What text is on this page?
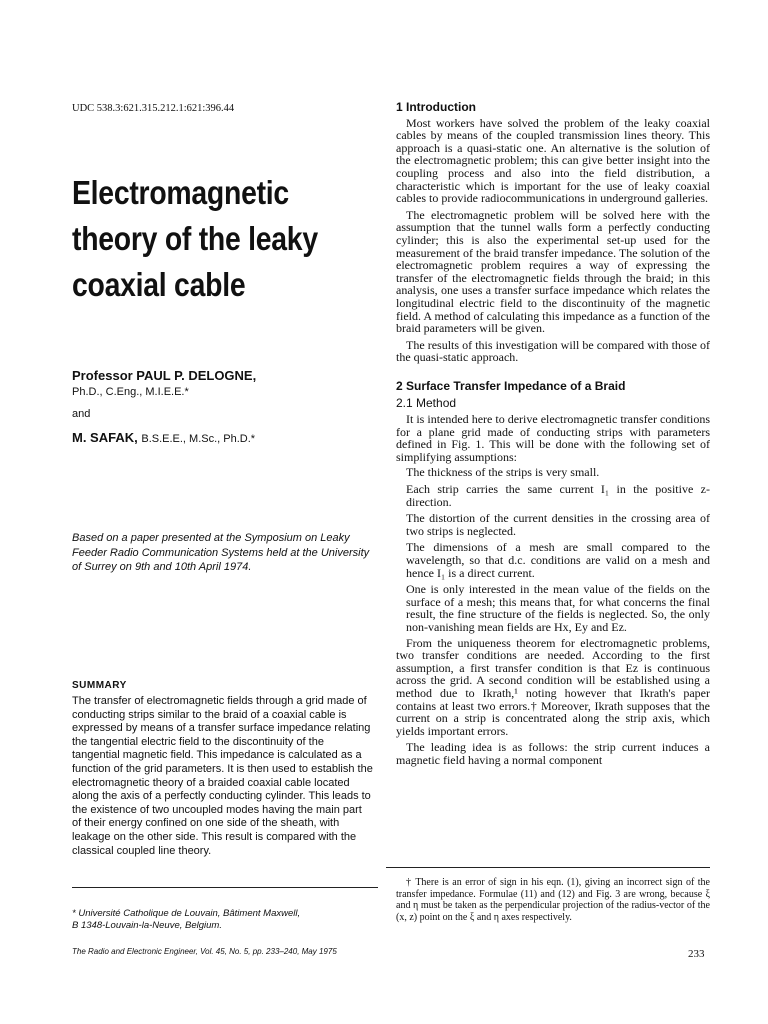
UDC 538.3:621.315.212.1:621:396.44
Electromagnetic
theory of the leaky
coaxial cable
Professor PAUL P. DELOGNE,
Ph.D., C.Eng., M.I.E.E.*
and
M. SAFAK, B.S.E.E., M.Sc., Ph.D.*
Based on a paper presented at the Symposium on Leaky Feeder Radio Communication Systems held at the University of Surrey on 9th and 10th April 1974.
SUMMARY
The transfer of electromagnetic fields through a grid made of conducting strips similar to the braid of a coaxial cable is expressed by means of a transfer surface impedance relating the tangential electric field to the discontinuity of the tangential magnetic field. This impedance is calculated as a function of the grid parameters. It is then used to establish the electromagnetic theory of a braided coaxial cable located along the axis of a perfectly conducting cylinder. This leads to the existence of two uncoupled modes having the main part of their energy confined on one side of the sheath, with leakage on the other side. This result is compared with the classical coupled line theory.
* Université Catholique de Louvain, Bâtiment Maxwell,
B 1348-Louvain-la-Neuve, Belgium.
The Radio and Electronic Engineer, Vol. 45, No. 5, pp. 233–240, May 1975
1 Introduction

Most workers have solved the problem of the leaky coaxial cables by means of the coupled transmission lines theory. This approach is a quasi-static one. An alternative is the solution of the electromagnetic problem; this can give better insight into the coupling process and also into the field distribution, a characteristic which is important for the use of leaky coaxial cables to provide radiocommunications in underground galleries.

The electromagnetic problem will be solved here with the assumption that the tunnel walls form a perfectly conducting cylinder; this is also the experimental set-up used for the measurement of the braid transfer impedance. The solution of the electromagnetic problem requires a way of expressing the transfer of the electromagnetic fields through the braid; in this analysis, one uses a transfer surface impedance which relates the longitudinal electric field to the discontinuity of the magnetic field. A method of calculating this impedance as a function of the braid parameters will be given.

The results of this investigation will be compared with those of the quasi-static approach.

2 Surface Transfer Impedance of a Braid
2.1 Method

It is intended here to derive electromagnetic transfer conditions for a plane grid made of conducting strips with parameters defined in Fig. 1. This will be done with the following set of simplifying assumptions:

The thickness of the strips is very small.

Each strip carries the same current I₁ in the positive z-direction.

The distortion of the current densities in the crossing area of two strips is neglected.

The dimensions of a mesh are small compared to the wavelength, so that d.c. conditions are valid on a mesh and hence I₁ is a direct current.

One is only interested in the mean value of the fields on the surface of a mesh; this means that, for what concerns the final result, the fine structure of the fields is neglected. So, the only non-vanishing mean fields are Hx, Ey and Ez.

From the uniqueness theorem for electromagnetic problems, two transfer conditions are needed. According to the first assumption, a first transfer condition is that Ez is continuous across the grid. A second condition will be established using a method due to Ikrath,¹ noting however that Ikrath's paper contains at least two errors.† Moreover, Ikrath supposes that the current on a strip is concentrated along the strip axis, which yields important errors.

The leading idea is as follows: the strip current induces a magnetic field having a normal component

† There is an error of sign in his eqn. (1), giving an incorrect sign of the transfer impedance. Formulae (11) and (12) and Fig. 3 are wrong, because ξ and η must be taken as the perpendicular projection of the radius-vector of the (x, z) point on the ξ and η axes respectively.
233
